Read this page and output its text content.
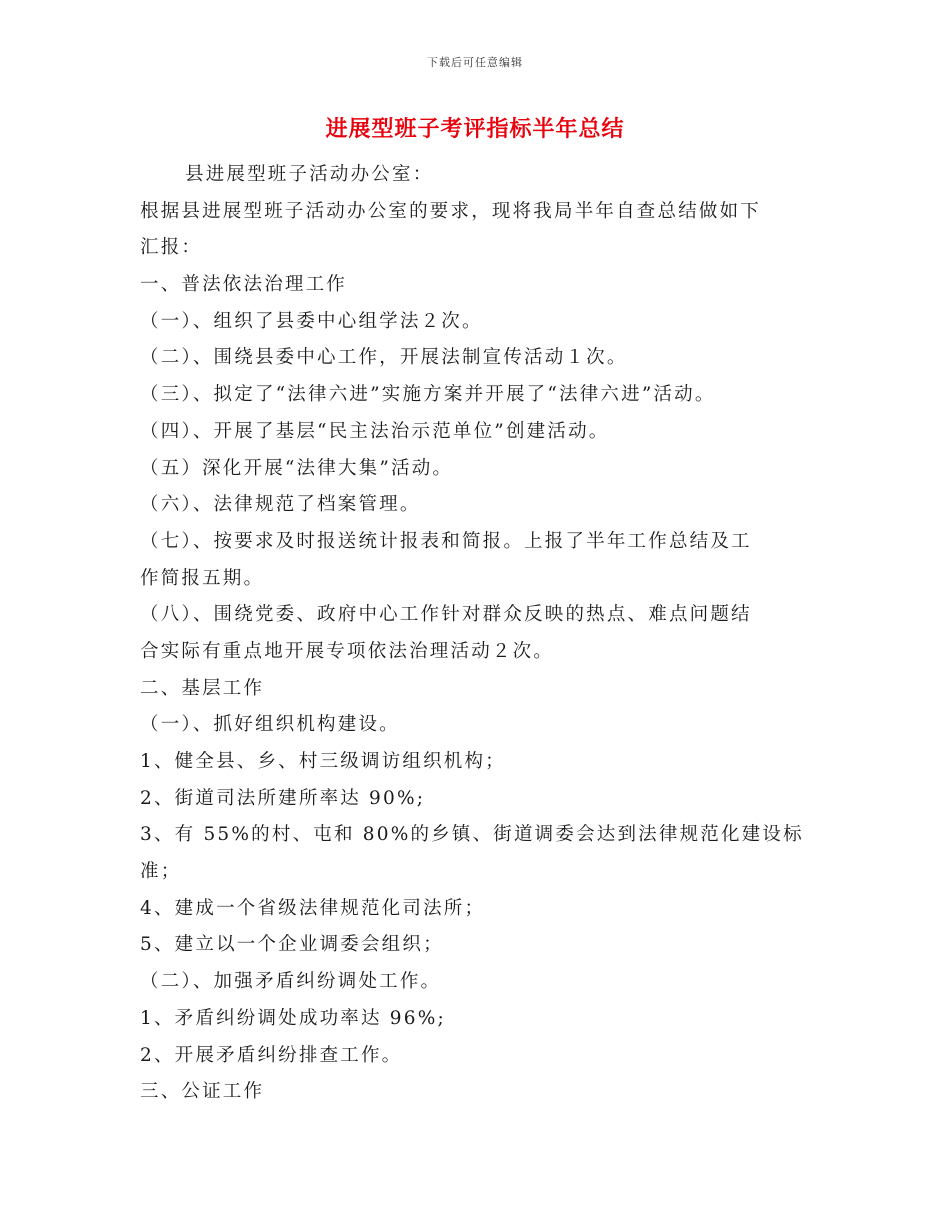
下载后可任意编辑
进展型班子考评指标半年总结
县进展型班子活动办公室：
根据县进展型班子活动办公室的要求，现将我局半年自查总结做如下
汇报：
一、普法依法治理工作
（一）、组织了县委中心组学法２次。
（二）、围绕县委中心工作，开展法制宣传活动１次。
（三）、拟定了“法律六进”实施方案并开展了“法律六进”活动。
（四）、开展了基层“民主法治示范单位”创建活动。
（五）深化开展“法律大集”活动。
（六）、法律规范了档案管理。
（七）、按要求及时报送统计报表和简报。上报了半年工作总结及工
作简报五期。
（八）、围绕党委、政府中心工作针对群众反映的热点、难点问题结
合实际有重点地开展专项依法治理活动２次。
二、基层工作
（一）、抓好组织机构建设。
1、健全县、乡、村三级调访组织机构；
2、街道司法所建所率达 90%;
3、有 55%的村、屯和 80%的乡镇、街道调委会达到法律规范化建设标
准；
4、建成一个省级法律规范化司法所；
5、建立以一个企业调委会组织；
（二）、加强矛盾纠纷调处工作。
1、矛盾纠纷调处成功率达 96%;
2、开展矛盾纠纷排查工作。
三、公证工作
